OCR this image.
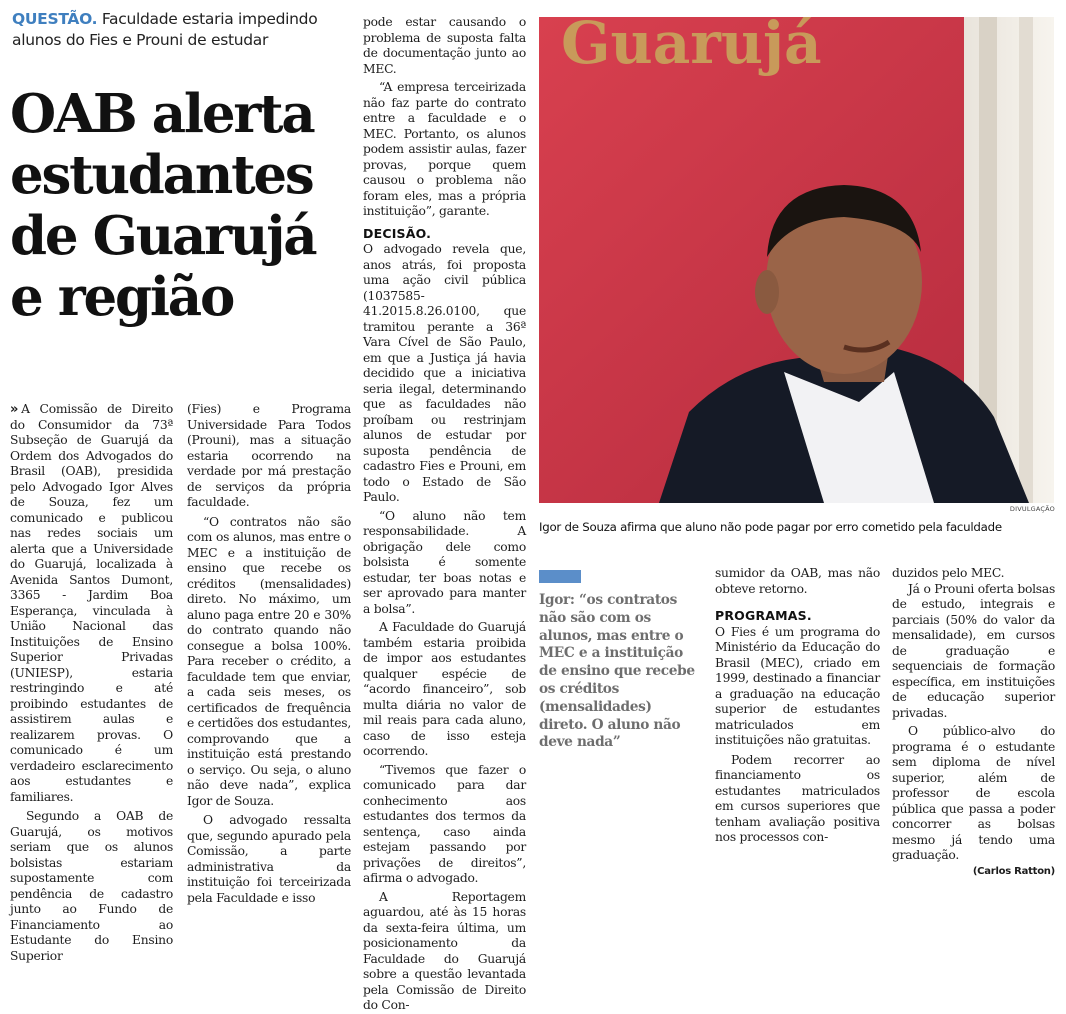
QUESTÃO. Faculdade estaria impedindo alunos do Fies e Prouni de estudar
OAB alerta
estudantes
de Guarujá
e região

» A Comissão de Direito do Consumidor da 73ª Subseção de Guarujá da Ordem dos Advogados do Brasil (OAB), presidida pelo Advogado Igor Alves de Souza, fez um comunicado e publicou nas redes sociais um alerta que a Universidade do Guarujá, localizada à Avenida Santos Dumont, 3365 - Jardim Boa Esperança, vinculada à União Nacional das Instituições de Ensino Superior Privadas (UNIESP), estaria restringindo e até proibindo estudantes de assistirem aulas e realizarem provas. O comunicado é um verdadeiro esclarecimento aos estudantes e familiares.

Segundo a OAB de Guarujá, os motivos seriam que os alunos bolsistas estariam supostamente com pendência de cadastro junto ao Fundo de Financiamento ao Estudante do Ensino Superior

(Fies) e Programa Universidade Para Todos (Prouni), mas a situação estaria ocorrendo na verdade por má prestação de serviços da própria faculdade.

“O contratos não são com os alunos, mas entre o MEC e a instituição de ensino que recebe os créditos (mensalidades) direto. No máximo, um aluno paga entre 20 e 30% do contrato quando não consegue a bolsa 100%. Para receber o crédito, a faculdade tem que enviar, a cada seis meses, os certificados de frequência e certidões dos estudantes, comprovando que a instituição está prestando o serviço. Ou seja, o aluno não deve nada”, explica Igor de Souza.

O advogado ressalta que, segundo apurado pela Comissão, a parte administrativa da instituição foi terceirizada pela Faculdade e isso

pode estar causando o problema de suposta falta de documentação junto ao MEC.

“A empresa terceirizada não faz parte do contrato entre a faculdade e o MEC. Portanto, os alunos podem assistir aulas, fazer provas, porque quem causou o problema não foram eles, mas a própria instituição”, garante.

DECISÃO.

O advogado revela que, anos atrás, foi proposta uma ação civil pública (1037585-41.2015.8.26.0100, que tramitou perante a 36ª Vara Cível de São Paulo, em que a Justiça já havia decidido que a iniciativa seria ilegal, determinando que as faculdades não proíbam ou restrinjam alunos de estudar por suposta pendência de cadastro Fies e Prouni, em todo o Estado de São Paulo.

“O aluno não tem responsabilidade. A obrigação dele como bolsista é somente estudar, ter boas notas e ser aprovado para manter a bolsa”.

A Faculdade do Guarujá também estaria proibida de impor aos estudantes qualquer espécie de “acordo financeiro”, sob multa diária no valor de mil reais para cada aluno, caso de isso esteja ocorrendo.

“Tivemos que fazer o comunicado para dar conhecimento aos estudantes dos termos da sentença, caso ainda estejam passando por privações de direitos”, afirma o advogado.

A Reportagem aguardou, até às 15 horas da sexta-feira última, um posicionamento da Faculdade do Guarujá sobre a questão levantada pela Comissão de Direito do Con-

Guarujá
DIVULGAÇÃO
Igor de Souza afirma que aluno não pode pagar por erro cometido pela faculdade
Igor: “os contratos não são com os alunos, mas entre o MEC e a instituição de ensino que recebe os créditos (mensalidades) direto. O aluno não deve nada”

sumidor da OAB, mas não obteve retorno.

PROGRAMAS.

O Fies é um programa do Ministério da Educação do Brasil (MEC), criado em 1999, destinado a financiar a graduação na educação superior de estudantes matriculados em instituições não gratuitas.

Podem recorrer ao financiamento os estudantes matriculados em cursos superiores que tenham avaliação positiva nos processos con-

duzidos pelo MEC.

Já o Prouni oferta bolsas de estudo, integrais e parciais (50% do valor da mensalidade), em cursos de graduação e sequenciais de formação específica, em instituições de educação superior privadas.

O público-alvo do programa é o estudante sem diploma de nível superior, além de professor de escola pública que passa a poder concorrer as bolsas mesmo já tendo uma graduação.

(Carlos Ratton)
